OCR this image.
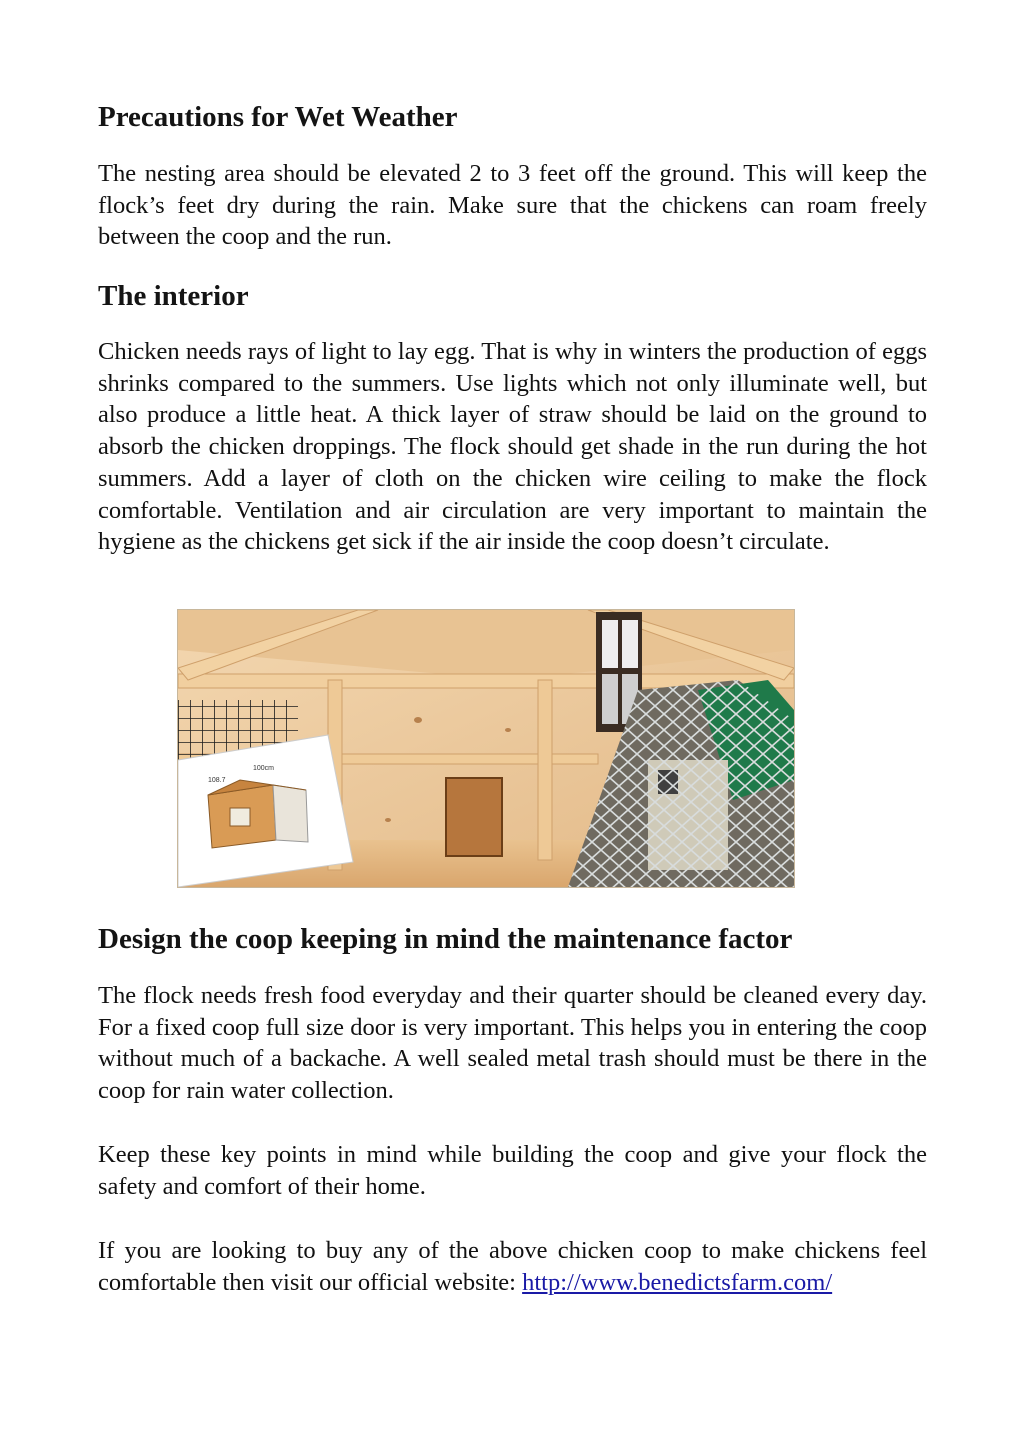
Precautions for Wet Weather

The nesting area should be elevated 2 to 3 feet off the ground. This will keep the flock’s feet dry during the rain. Make sure that the chickens can roam freely between the coop and the run.

The interior

Chicken needs rays of light to lay egg. That is why in winters the production of eggs shrinks compared to the summers. Use lights which not only illuminate well, but also produce a little heat. A thick layer of straw should be laid on the ground to absorb the chicken droppings. The flock should get shade in the run during the hot summers. Add a layer of cloth on the chicken wire ceiling to make the flock comfortable. Ventilation and air circulation are very important to maintain the hygiene as the chickens get sick if the air inside the coop doesn’t circulate.

108.7
100cm
Design the coop keeping in mind the maintenance factor

The flock needs fresh food everyday and their quarter should be cleaned every day. For a fixed coop full size door is very important. This helps you in entering the coop without much of a backache. A well sealed metal trash should must be there in the coop for rain water collection.

Keep these key points in mind while building the coop and give your flock the safety and comfort of their home.

If you are looking to buy any of the above chicken coop to make chickens feel comfortable then visit our official website: http://www.benedictsfarm.com/
